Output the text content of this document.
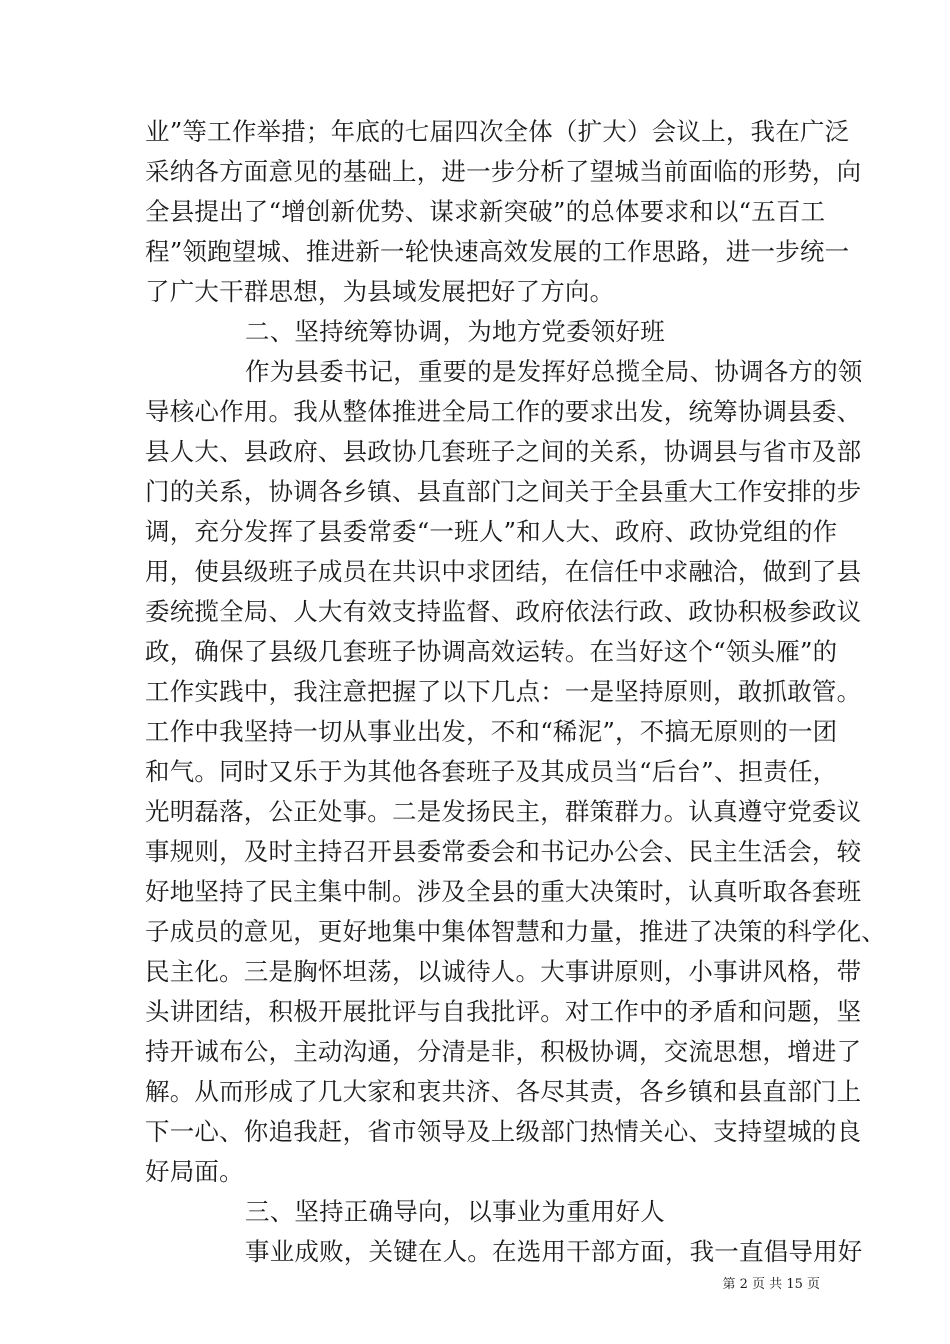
业”等工作举措；年底的七届四次全体（扩大）会议上，我在广泛
采纳各方面意见的基础上，进一步分析了望城当前面临的形势，向
全县提出了“增创新优势、谋求新突破”的总体要求和以“五百工
程”领跑望城、推进新一轮快速高效发展的工作思路，进一步统一
了广大干群思想，为县域发展把好了方向。
二、坚持统筹协调，为地方党委领好班
作为县委书记，重要的是发挥好总揽全局、协调各方的领
导核心作用。我从整体推进全局工作的要求出发，统筹协调县委、
县人大、县政府、县政协几套班子之间的关系，协调县与省市及部
门的关系，协调各乡镇、县直部门之间关于全县重大工作安排的步
调，充分发挥了县委常委“一班人”和人大、政府、政协党组的作
用，使县级班子成员在共识中求团结，在信任中求融洽，做到了县
委统揽全局、人大有效支持监督、政府依法行政、政协积极参政议
政，确保了县级几套班子协调高效运转。在当好这个“领头雁”的
工作实践中，我注意把握了以下几点：一是坚持原则，敢抓敢管。
工作中我坚持一切从事业出发，不和“稀泥”，不搞无原则的一团
和气。同时又乐于为其他各套班子及其成员当“后台”、担责任，
光明磊落，公正处事。二是发扬民主，群策群力。认真遵守党委议
事规则，及时主持召开县委常委会和书记办公会、民主生活会，较
好地坚持了民主集中制。涉及全县的重大决策时，认真听取各套班
子成员的意见，更好地集中集体智慧和力量，推进了决策的科学化、
民主化。三是胸怀坦荡，以诚待人。大事讲原则，小事讲风格，带
头讲团结，积极开展批评与自我批评。对工作中的矛盾和问题，坚
持开诚布公，主动沟通，分清是非，积极协调，交流思想，增进了
解。从而形成了几大家和衷共济、各尽其责，各乡镇和县直部门上
下一心、你追我赶，省市领导及上级部门热情关心、支持望城的良
好局面。
三、坚持正确导向，以事业为重用好人
事业成败，关键在人。在选用干部方面，我一直倡导用好
第 2 页 共 15 页
